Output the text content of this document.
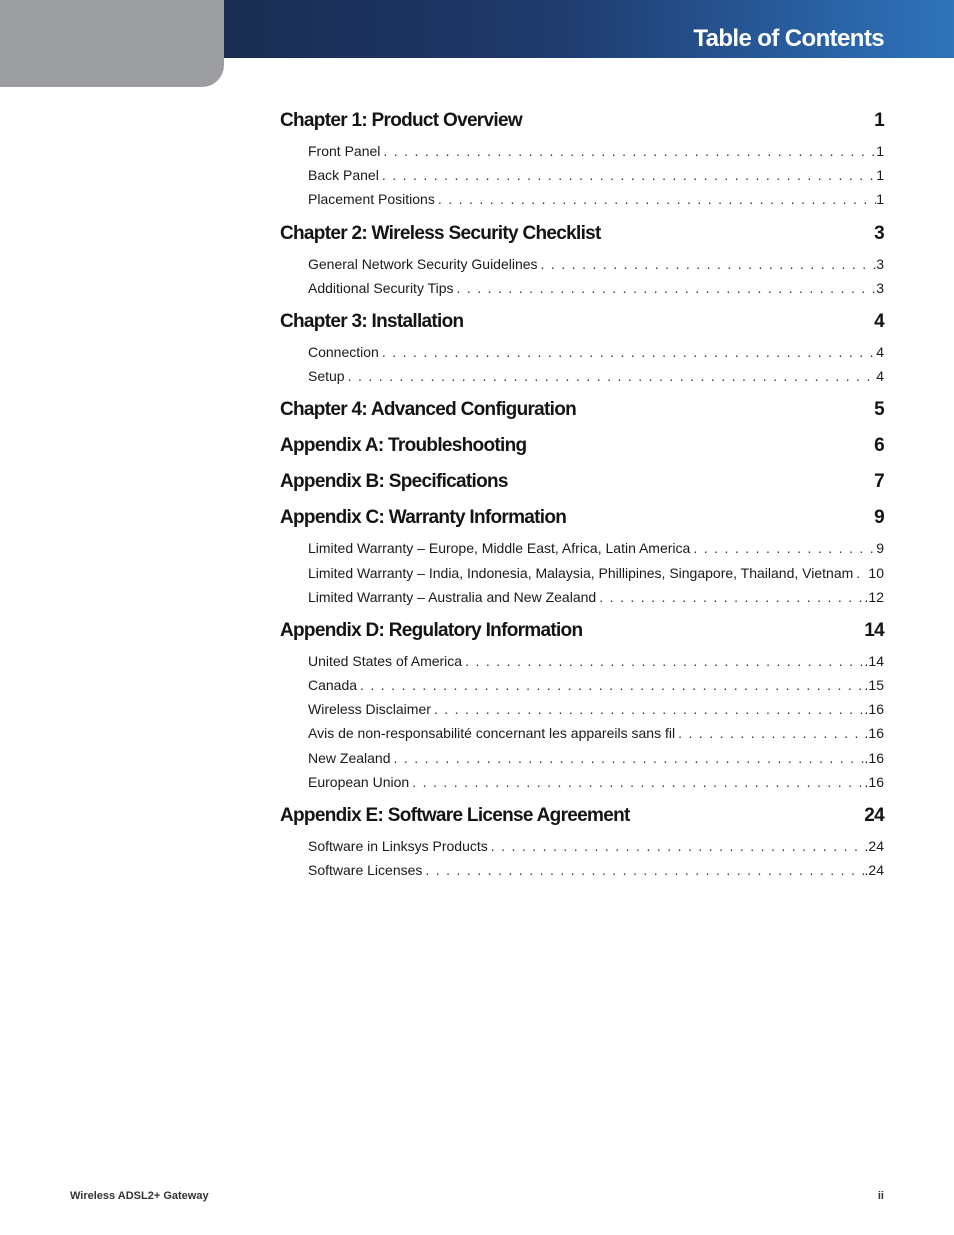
Table of Contents
Chapter 1: Product Overview	1
Front Panel . . .	1
Back Panel . . .	1
Placement Positions . . .	1
Chapter 2: Wireless Security Checklist	3
General Network Security Guidelines . . .	3
Additional Security Tips . . .	3
Chapter 3: Installation	4
Connection . . .	4
Setup . . .	4
Chapter 4: Advanced Configuration	5
Appendix A: Troubleshooting	6
Appendix B: Specifications	7
Appendix C: Warranty Information	9
Limited Warranty – Europe, Middle East, Africa, Latin America . . .	9
Limited Warranty – India, Indonesia, Malaysia, Phillipines, Singapore, Thailand, Vietnam . . . 10
Limited Warranty – Australia and New Zealand . . .	.12
Appendix D: Regulatory Information	14
United States of America . . .	.14
Canada . . .	.15
Wireless Disclaimer . . .	.16
Avis de non-responsabilité concernant les appareils sans fil . . .	.16
New Zealand . . .	.16
European Union . . .	.16
Appendix E: Software License Agreement	24
Software in Linksys Products . . .	.24
Software Licenses . . .	.24
Wireless ADSL2+ Gateway	ii
